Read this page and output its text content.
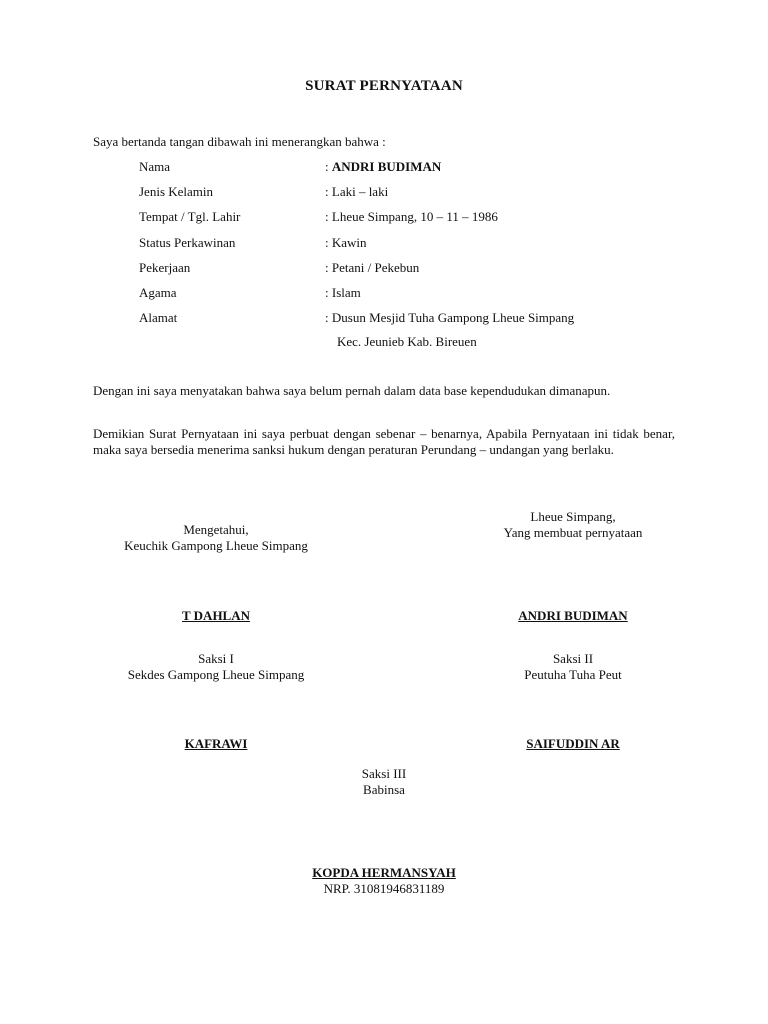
SURAT PERNYATAAN
Saya bertanda tangan dibawah ini menerangkan bahwa :
Nama	: ANDRI BUDIMAN
Jenis Kelamin	: Laki – laki
Tempat / Tgl. Lahir	: Lheue Simpang, 10 – 11 – 1986
Status Perkawinan	: Kawin
Pekerjaan	: Petani / Pekebun
Agama	: Islam
Alamat	: Dusun Mesjid Tuha Gampong Lheue Simpang
Kec. Jeunieb Kab. Bireuen
Dengan ini saya menyatakan bahwa saya belum pernah dalam data base kependudukan dimanapun.
Demikian Surat Pernyataan ini saya perbuat dengan sebenar – benarnya, Apabila Pernyataan ini tidak benar, maka saya bersedia menerima sanksi hukum dengan peraturan Perundang – undangan yang berlaku.
Mengetahui,
Keuchik Gampong Lheue Simpang
T DAHLAN
Lheue Simpang,
Yang membuat pernyataan
ANDRI BUDIMAN
Saksi I
Sekdes Gampong Lheue Simpang
KAFRAWI
Saksi II
Peutuha Tuha Peut
SAIFUDDIN AR
Saksi III
Babinsa
KOPDA HERMANSYAH
NRP. 31081946831189
